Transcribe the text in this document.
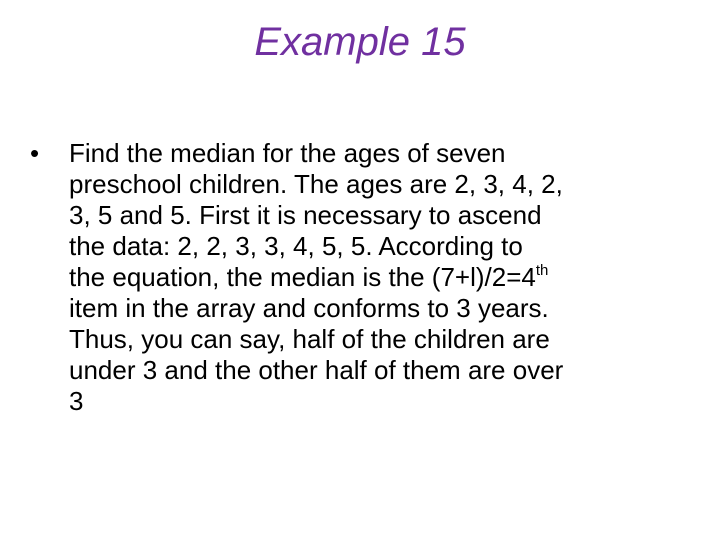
Example 15
• Find the median for the ages of seven
preschool children. The ages are 2, 3, 4, 2,
3, 5 and 5. First it is necessary to ascend
the data: 2, 2, 3, 3, 4, 5, 5. According to
the equation, the median is the (7+l)/2=4th
item in the array and conforms to 3 years.
Thus, you can say, half of the children are
under 3 and the other half of them are over
3
